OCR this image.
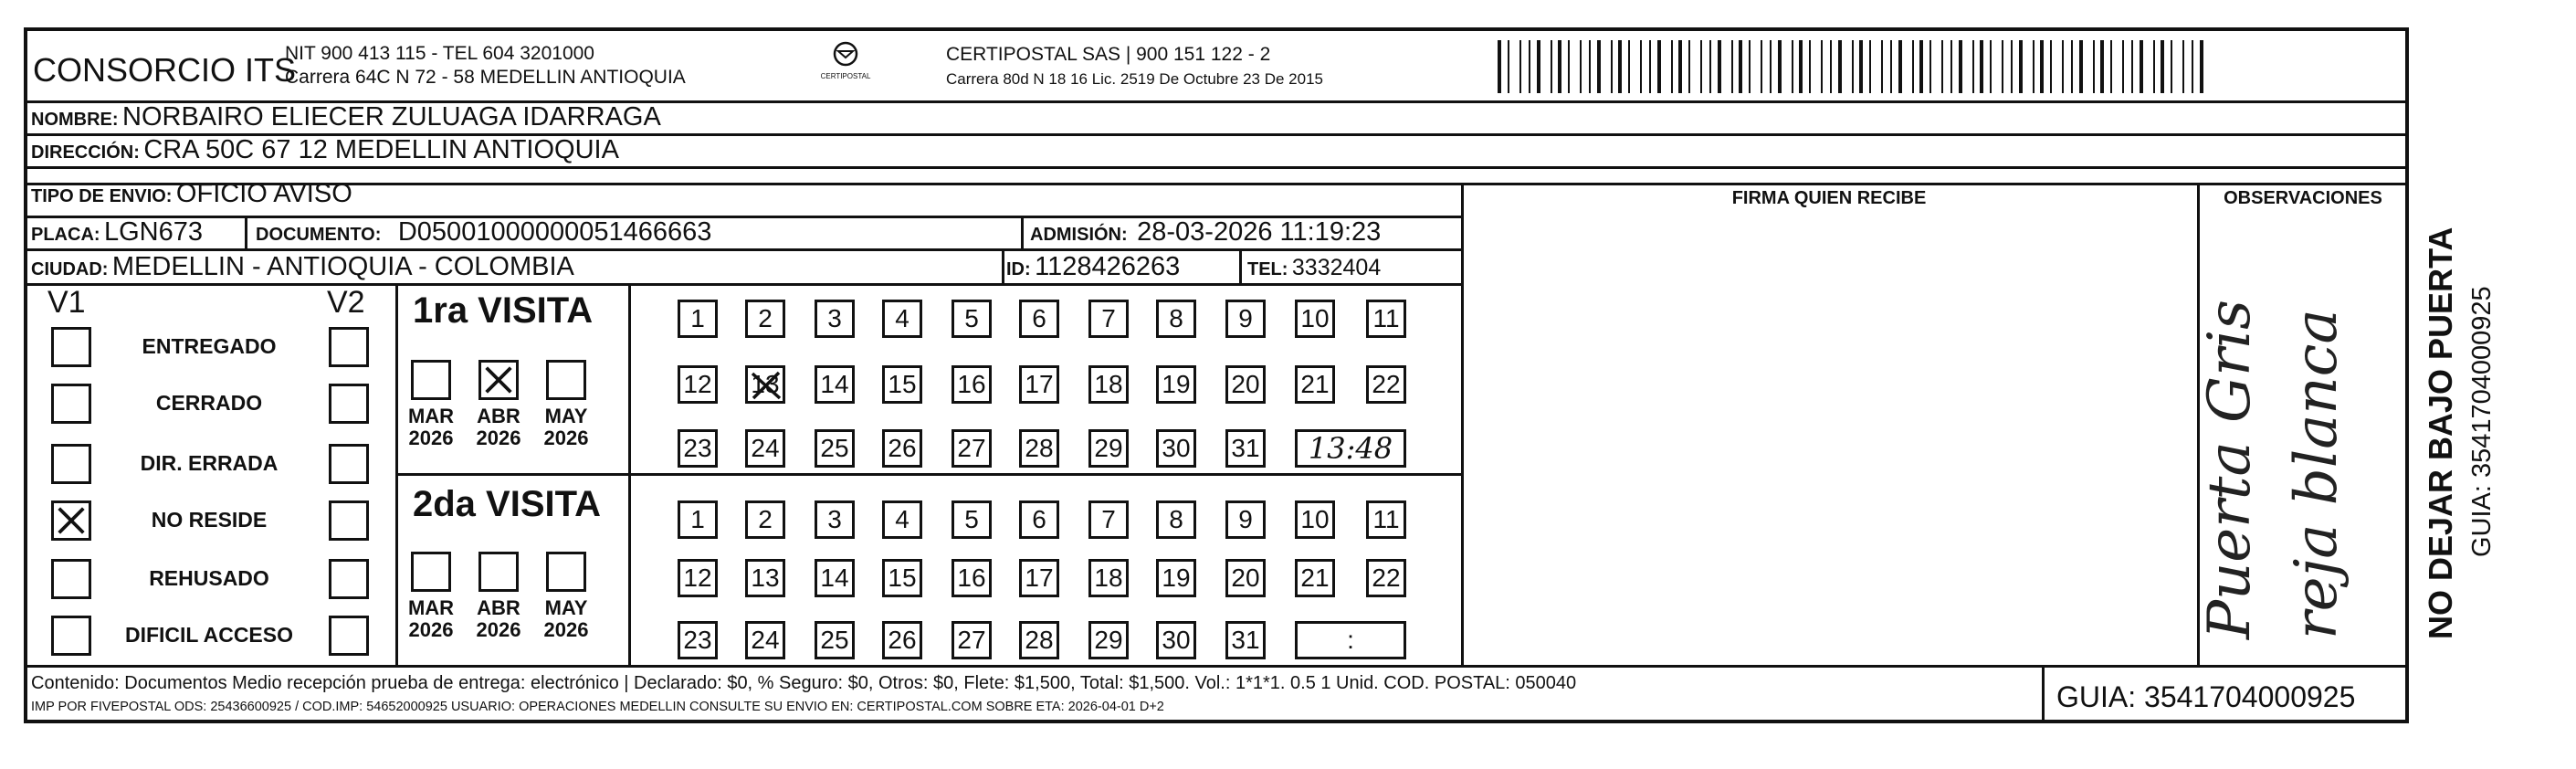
CONSORCIO ITS
NIT 900 413 115 - TEL 604 3201000
Carrera 64C N 72 - 58 MEDELLIN ANTIOQUIA	CERTIPOSTAL
CERTIPOSTAL SAS | 900 151 122 - 2
Carrera 80d N 18 16 Lic. 2519 De Octubre 23 De 2015
NOMBRE: NORBAIRO ELIECER ZULUAGA IDARRAGA
DIRECCIÓN: CRA 50C 67 12 MEDELLIN ANTIOQUIA
TIPO DE ENVIO: OFICIO AVISO
PLACA: LGN673	DOCUMENTO: D05001000000051466663	ADMISIÓN: 28-03-2026 11:19:23
CIUDAD: MEDELLIN - ANTIOQUIA - COLOMBIA	ID: 1128426263	TEL: 3332404
FIRMA QUIEN RECIBE	OBSERVACIONES
V1	V2
ENTREGADO
CERRADO
DIR. ERRADA
NO RESIDE
REHUSADO
DIFICIL ACCESO
1ra VISITA
2da VISITA
MAR
2026
ABR
2026
MAY
2026
MAR
2026
ABR
2026
MAY
2026
1	2	3	4	5	6	7	8	9	10 11
12 13 14 15 16 17 18 19 20 21 22
23 24 25 26 27 28 29 30 31	13:48
1	2	3	4	5	6	7	8	9	10 11
12 13 14 15 16 17 18 19 20 21 22
23 24 25 26 27 28 29 30 31	:
Puerta Gris reja blanca NO DEJAR BAJO PUERTA GUIA: 3541704000925
Contenido: Documentos Medio recepción prueba de entrega: electrónico | Declarado: $0, % Seguro: $0, Otros: $0, Flete: $1,500, Total: $1,500. Vol.: 1*1*1. 0.5 1 Unid. COD. POSTAL: 050040
IMP POR FIVEPOSTAL ODS: 25436600925 / COD.IMP: 54652000925 USUARIO: OPERACIONES MEDELLIN CONSULTE SU ENVIO EN: CERTIPOSTAL.COM SOBRE ETA: 2026-04-01 D+2	GUIA: 3541704000925
